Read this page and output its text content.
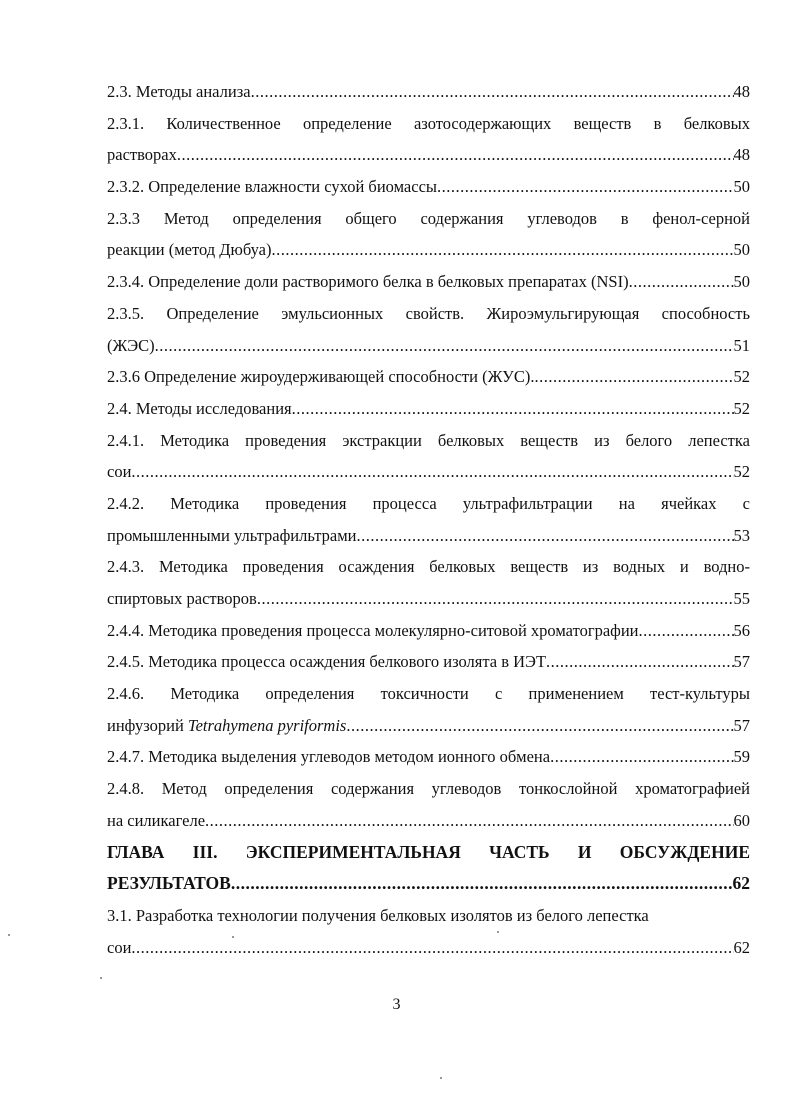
2.3. Методы анализа .....	48
2.3.1. Количественное определение азотосодержающих веществ в белковых
растворах .....	48
2.3.2. Определение влажности сухой биомассы .....	50
2.3.3 Метод определения общего содержания углеводов в фенол-серной
реакции (метод Дюбуа) .....	50
2.3.4. Определение доли растворимого белка в белковых препаратах (NSI) .....	50
2.3.5. Определение эмульсионных свойств. Жироэмульгирующая способность
(ЖЭС) .....	51
2.3.6 Определение жироудерживающей способности (ЖУС). .....	52
2.4. Методы исследования .....	52
2.4.1. Методика проведения экстракции белковых веществ из белого лепестка
сои .....	52
2.4.2. Методика проведения процесса ультрафильтрации на ячейках с
промышленными ультрафильтрами .....	53
2.4.3. Методика проведения осаждения белковых веществ из водных и водно-
спиртовых растворов .....	55
2.4.4. Методика проведения процесса молекулярно-ситовой хроматографии .....	56
2.4.5. Методика процесса осаждения белкового изолята в ИЭТ .....	57
2.4.6. Методика определения токсичности с применением тест-культуры
инфузорий Tetrahymena pyriformis .....	57
2.4.7. Методика выделения углеводов методом ионного обмена .....	59
2.4.8. Метод определения содержания углеводов тонкослойной хроматографией
на силикагеле .....	60
ГЛАВА III. ЭКСПЕРИМЕНТАЛЬНАЯ ЧАСТЬ И ОБСУЖДЕНИЕ
РЕЗУЛЬТАТОВ .....	62
3.1. Разработка технологии получения белковых изолятов из белого лепестка
сои .....	62
3
